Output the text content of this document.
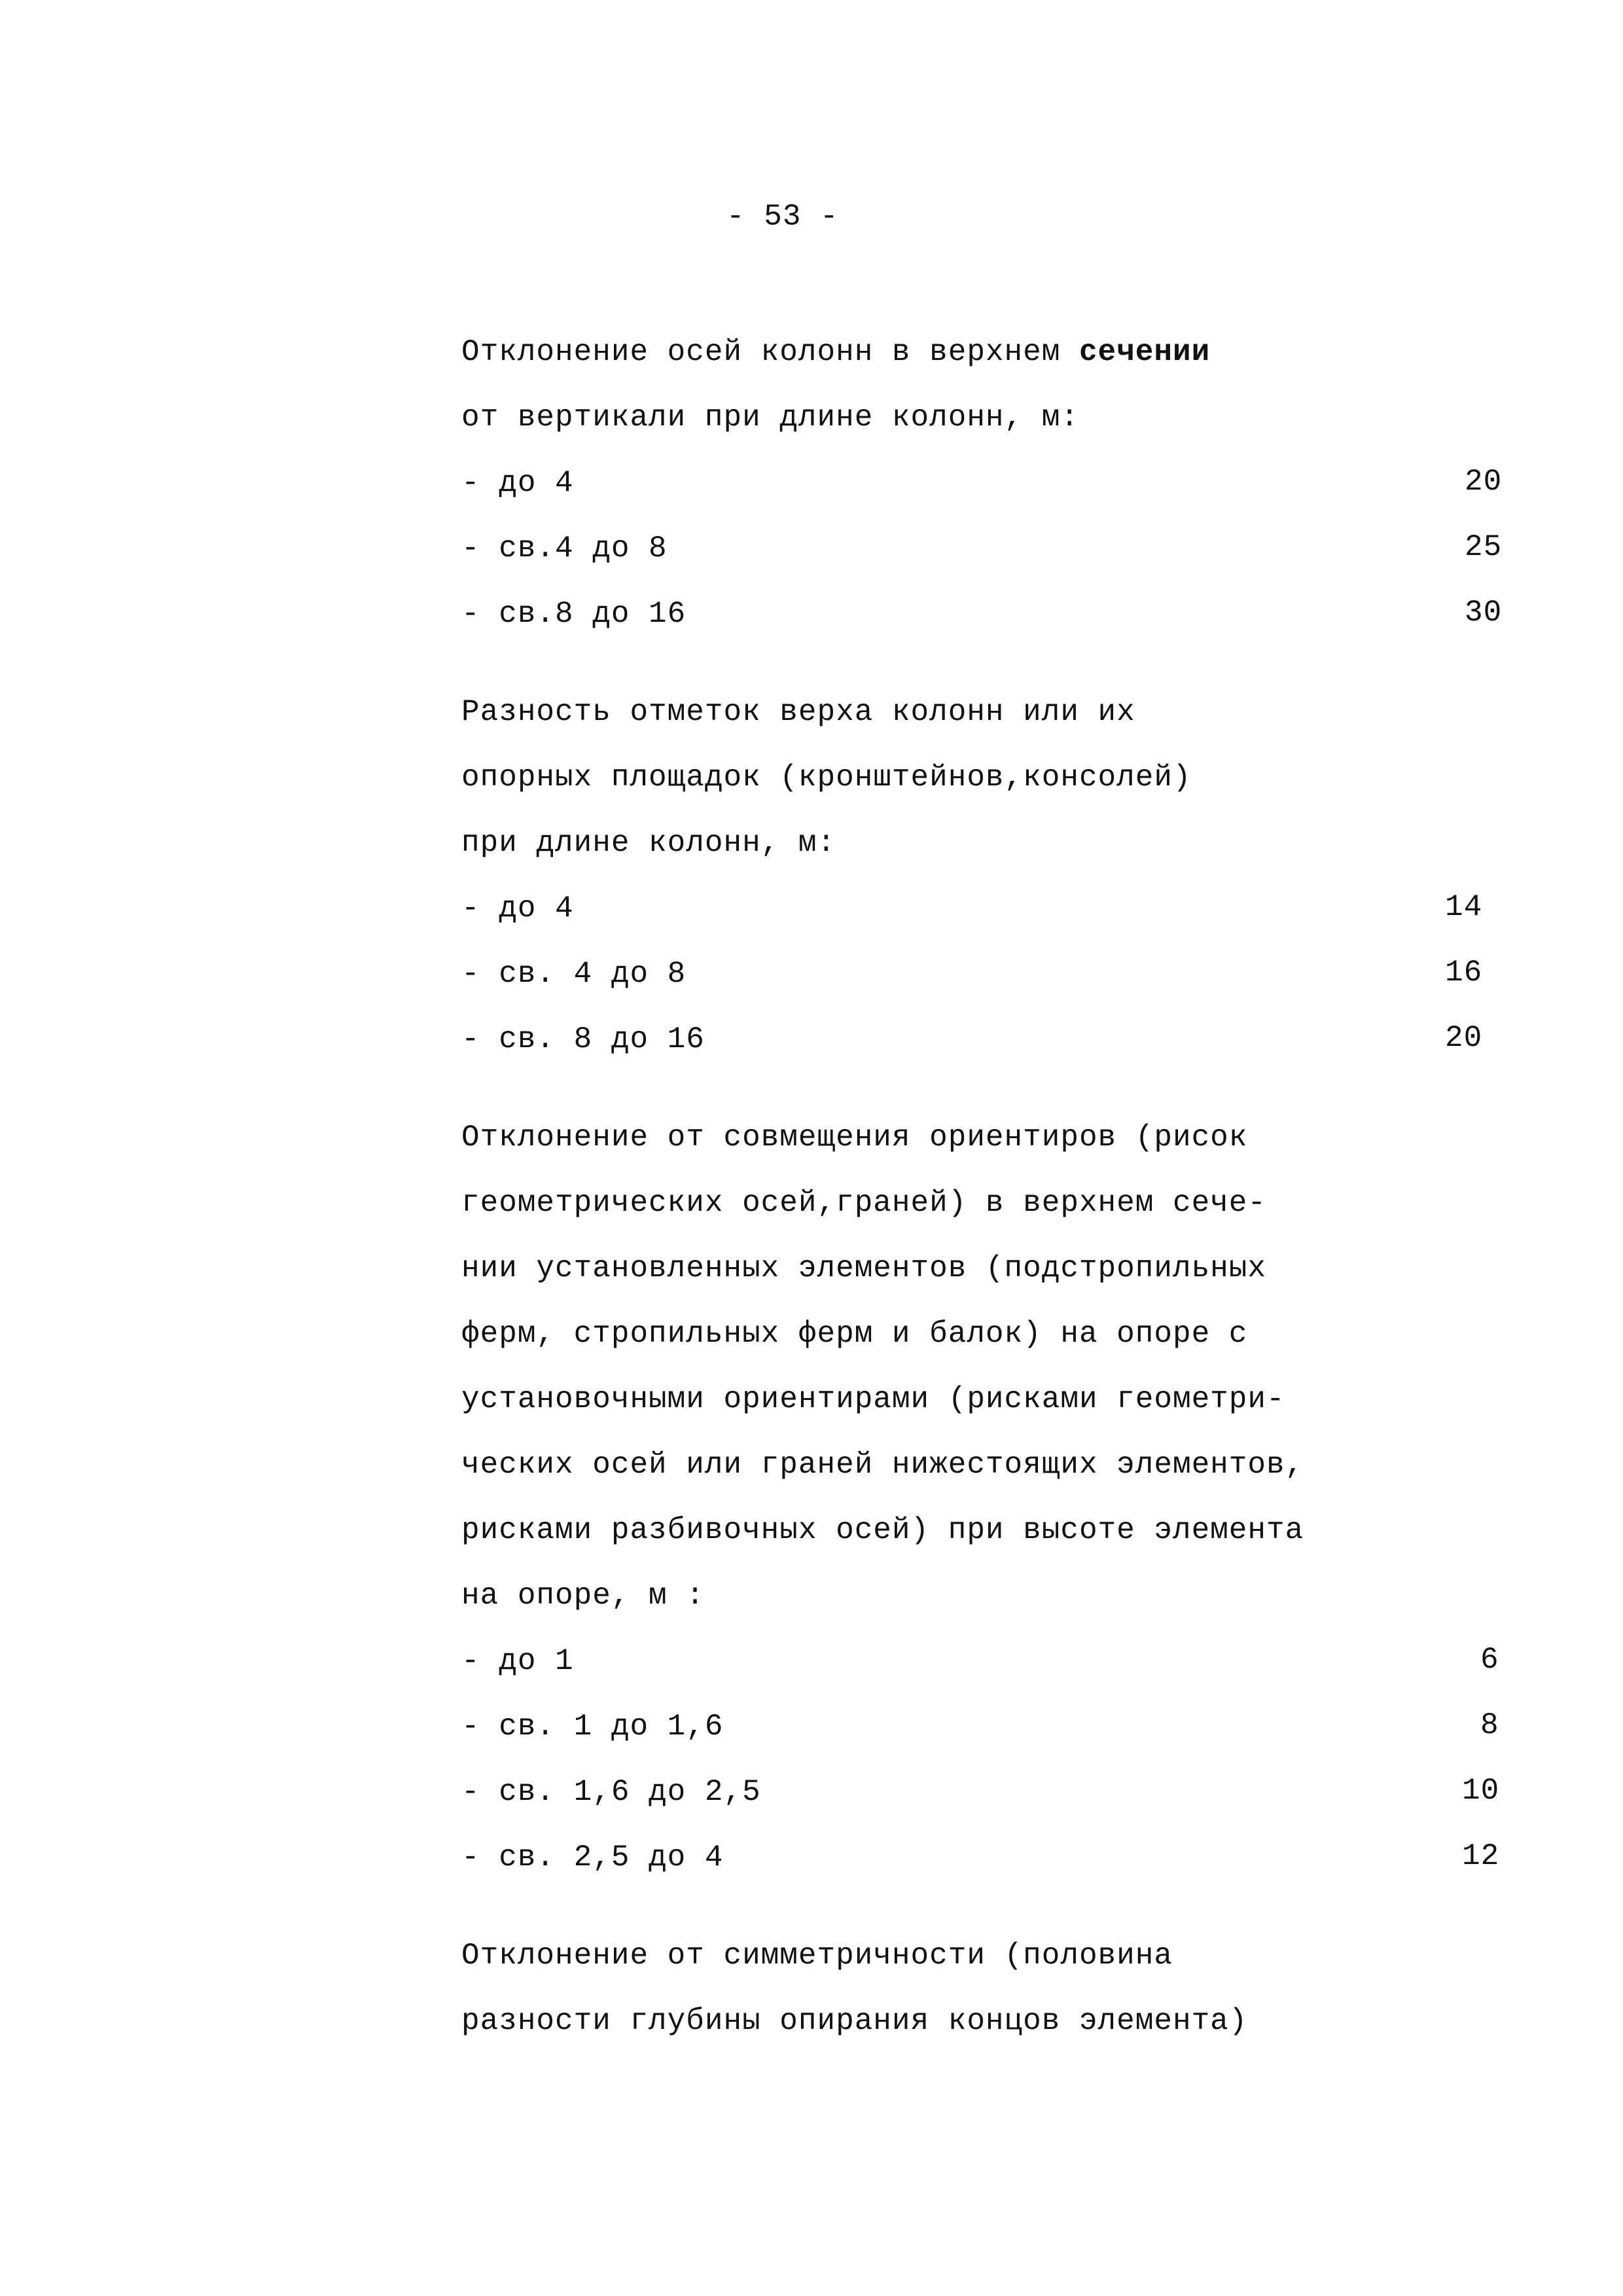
- 53 -
Отклонение осей колонн в верхнем сечении
от вертикали при длине колонн, м:
- до 4	20
- св.4 до 8	25
- св.8 до 16	30
Разность отметок верха колонн или их
опорных площадок (кронштейнов,консолей)
при длине колонн, м:
- до 4	14
- св. 4 до 8	16
- св. 8 до 16	20
Отклонение от совмещения ориентиров (рисок
геометрических осей,граней) в верхнем сече-
нии установленных элементов (подстропильных
ферм, стропильных ферм и балок) на опоре с
установочными ориентирами (рисками геометри-
ческих осей или граней нижестоящих элементов,
рисками разбивочных осей) при высоте элемента
на опоре, м :
- до 1	6
- св. 1 до 1,6	8
- св. 1,6 до 2,5	10
- св. 2,5 до 4	12
Отклонение от симметричности (половина
разности глубины опирания концов элемента)
